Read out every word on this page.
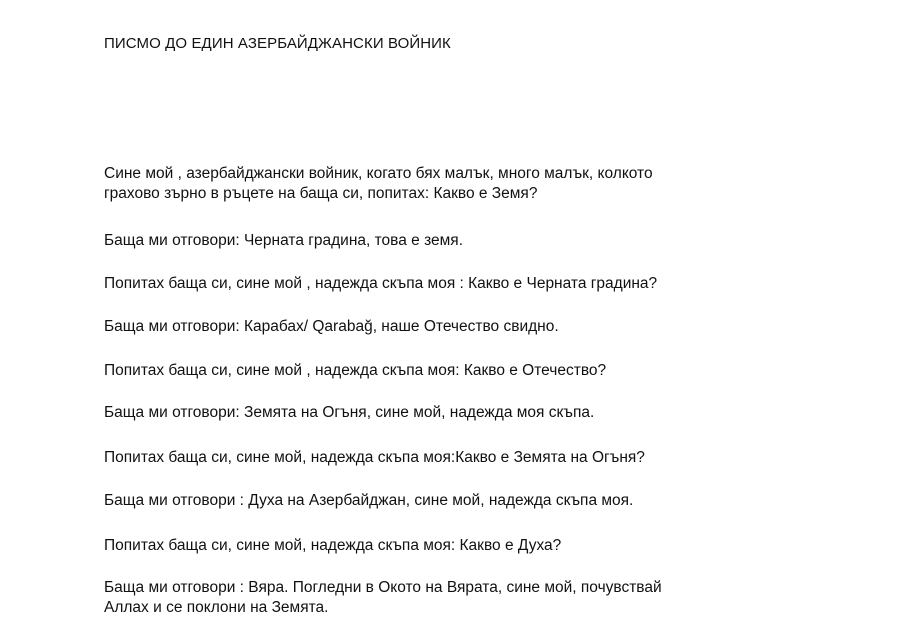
ПИСМО ДО ЕДИН АЗЕРБАЙДЖАНСКИ ВОЙНИК
Сине мой , азербайджански войник, когато бях малък, много малък, колкото
грахово зърно в ръцете на баща си, попитах: Какво е Земя?
Баща ми отговори: Черната градина, това е земя.
Попитах баща си, сине мой , надежда скъпа моя : Какво е Черната градина?
Баща ми отговори: Карабах/ Qarabağ, наше Отечество свидно.
Попитах баща си, сине мой , надежда скъпа моя: Какво е Отечество?
Баща ми отговори: Земята на Огъня, сине мой, надежда моя скъпа.
Попитах баща си, сине мой, надежда скъпа моя:Какво е Земята на Огъня?
Баща ми отговори : Духа на Азербайджан, сине мой, надежда скъпа моя.
Попитах баща си, сине мой, надежда скъпа моя: Какво е Духа?
Баща ми отговори : Вяра. Погледни в Окото на Вярата, сине мой, почувствай
Аллах и се поклони на Земята.
